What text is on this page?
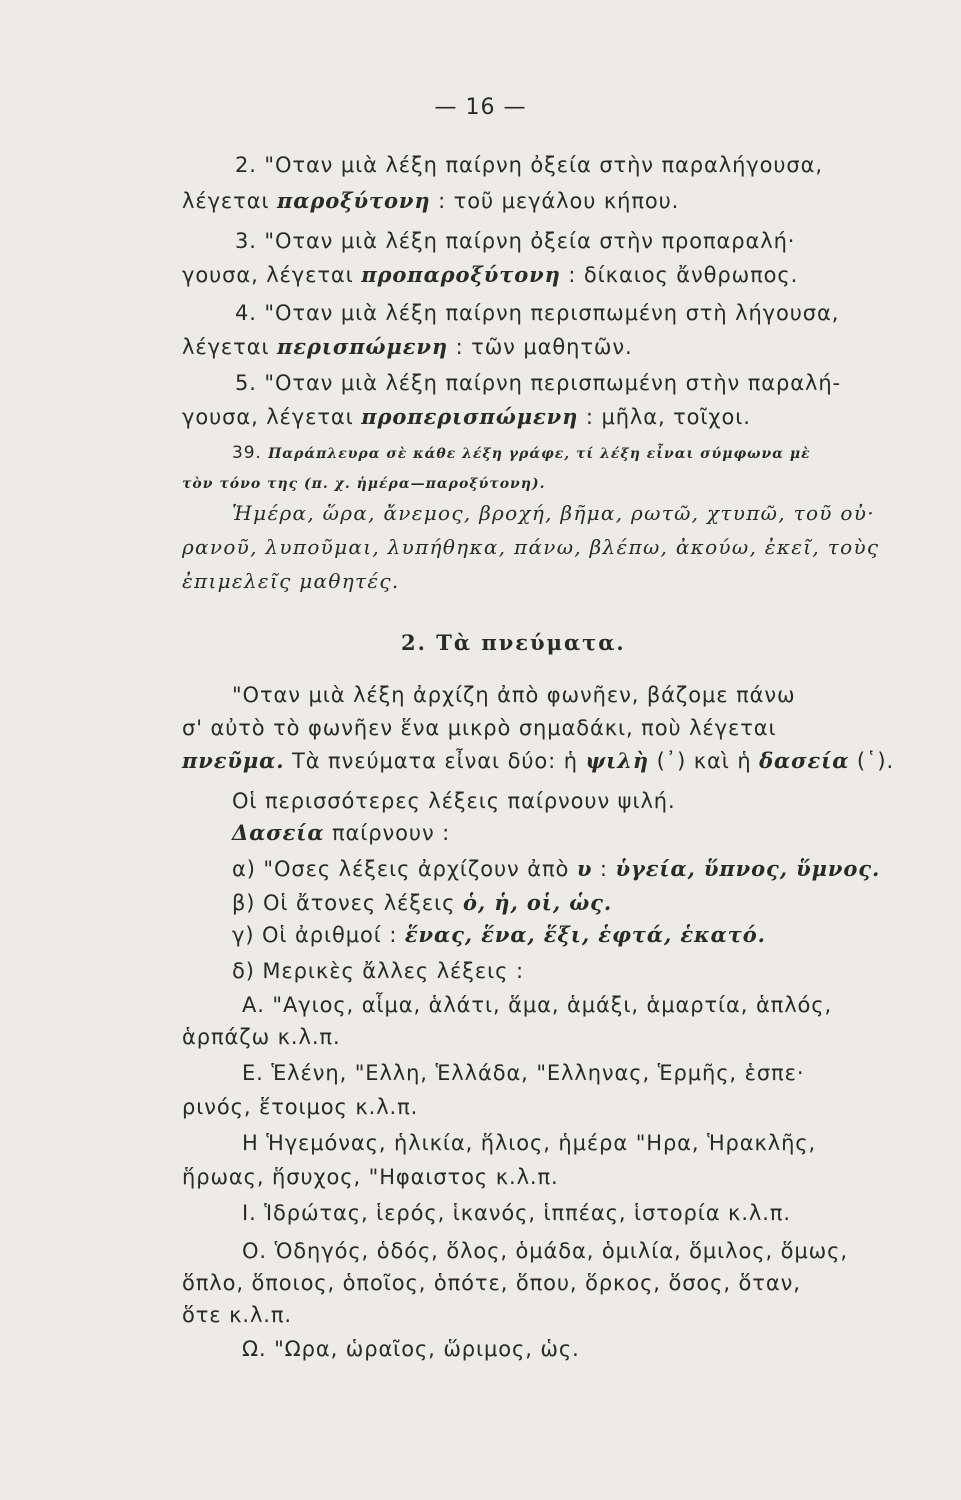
— 16 —
2. "Οταν μιὰ λέξη παίρνη ὀξεία στὴν παραλήγουσα,
λέγεται παροξύτονη : τοῦ μεγάλου κήπου.
3. "Οταν μιὰ λέξη παίρνη ὀξεία στὴν προπαραλή·
γουσα, λέγεται προπαροξύτονη : δίκαιος ἄνθρωπος.
4. "Οταν μιὰ λέξη παίρνη περισπωμένη στὴ λήγουσα,
λέγεται περισπώμενη : τῶν μαθητῶν.
5. "Οταν μιὰ λέξη παίρνη περισπωμένη στὴν παραλή-
γουσα, λέγεται προπερισπώμενη : μῆλα, τοῖχοι.
39. Παράπλευρα σὲ κάθε λέξη γράφε, τί λέξη εἶναι σύμφωνα μὲ
τὸν τόνο της (π. χ. ἡμέρα—παροξύτονη).
Ἡμέρα, ὥρα, ἄνεμος, βροχή, βῆμα, ρωτῶ, χτυπῶ, τοῦ οὐ·
ρανοῦ, λυποῦμαι, λυπήθηκα, πάνω, βλέπω, ἀκούω, ἐκεῖ, τοὺς
ἐπιμελεῖς μαθητές.
2. Τὰ πνεύματα.
"Οταν μιὰ λέξη ἀρχίζη ἀπὸ φωνῆεν, βάζομε πάνω
σ' αὐτὸ τὸ φωνῆεν ἕνα μικρὸ σημαδάκι, ποὺ λέγεται
πνεῦμα. Τὰ πνεύματα εἶναι δύο: ἡ ψιλὴ (᾿) καὶ ἡ δασεία (῾).
Οἱ περισσότερες λέξεις παίρνουν ψιλή.
Δασεία παίρνουν :
α) "Οσες λέξεις ἀρχίζουν ἀπὸ υ : ὑγεία, ὕπνος, ὕμνος.
β) Οἱ ἄτονες λέξεις ὁ, ἡ, οἱ, ὡς.
γ) Οἱ ἀριθμοί : ἕνας, ἕνα, ἕξι, ἑφτά, ἑκατό.
δ) Μερικὲς ἄλλες λέξεις :
Α. "Αγιος, αἷμα, ἁλάτι, ἅμα, ἁμάξι, ἁμαρτία, ἁπλός,
ἁρπάζω κ.λ.π.
Ε. Ἑλένη, "Ελλη, Ἑλλάδα, "Ελληνας, Ἑρμῆς, ἑσπε·
ρινός, ἕτοιμος κ.λ.π.
Η Ἡγεμόνας, ἡλικία, ἥλιος, ἡμέρα "Ηρα, Ἡρακλῆς,
ἥρωας, ἥσυχος, "Ηφαιστος κ.λ.π.
Ι. Ἱδρώτας, ἱερός, ἱκανός, ἱππέας, ἱστορία κ.λ.π.
Ο. Ὁδηγός, ὁδός, ὅλος, ὁμάδα, ὁμιλία, ὅμιλος, ὅμως,
ὅπλο, ὅποιος, ὁποῖος, ὁπότε, ὅπου, ὅρκος, ὅσος, ὅταν,
ὅτε κ.λ.π.
Ω. "Ωρα, ὡραῖος, ὥριμος, ὡς.
